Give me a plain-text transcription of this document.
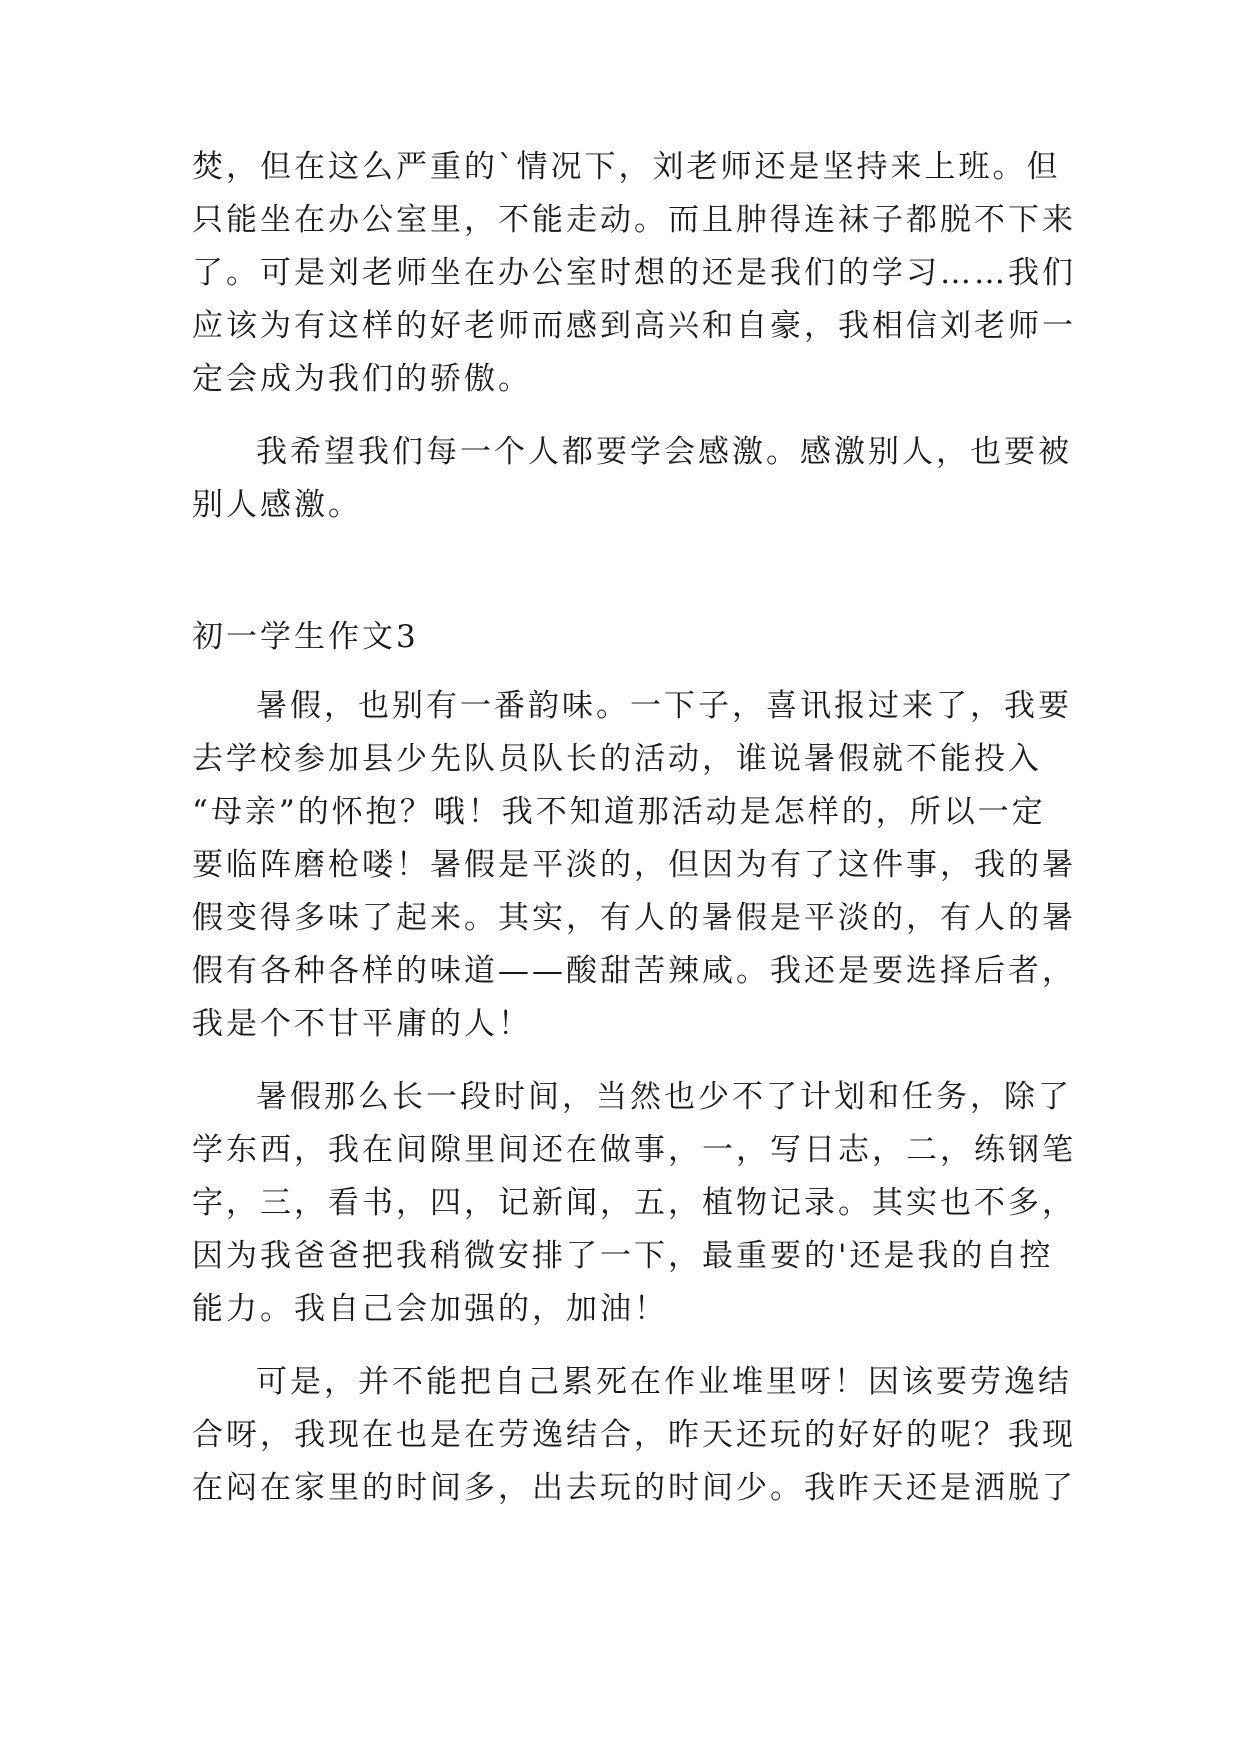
焚，但在这么严重的`情况下，刘老师还是坚持来上班。但
只能坐在办公室里，不能走动。而且肿得连袜子都脱不下来
了。可是刘老师坐在办公室时想的还是我们的学习……我们
应该为有这样的好老师而感到高兴和自豪，我相信刘老师一
定会成为我们的骄傲。
我希望我们每一个人都要学会感激。感激别人，也要被
别人感激。
初一学生作文3
暑假，也别有一番韵味。一下子，喜讯报过来了，我要
去学校参加县少先队员队长的活动，谁说暑假就不能投入
“母亲”的怀抱？哦！我不知道那活动是怎样的，所以一定
要临阵磨枪喽！暑假是平淡的，但因为有了这件事，我的暑
假变得多味了起来。其实，有人的暑假是平淡的，有人的暑
假有各种各样的味道——酸甜苦辣咸。我还是要选择后者，
我是个不甘平庸的人！
暑假那么长一段时间，当然也少不了计划和任务，除了
学东西，我在间隙里间还在做事，一，写日志，二，练钢笔
字，三，看书，四，记新闻，五，植物记录。其实也不多，
因为我爸爸把我稍微安排了一下，最重要的'还是我的自控
能力。我自己会加强的，加油！
可是，并不能把自己累死在作业堆里呀！因该要劳逸结
合呀，我现在也是在劳逸结合，昨天还玩的好好的呢？我现
在闷在家里的时间多，出去玩的时间少。我昨天还是洒脱了
